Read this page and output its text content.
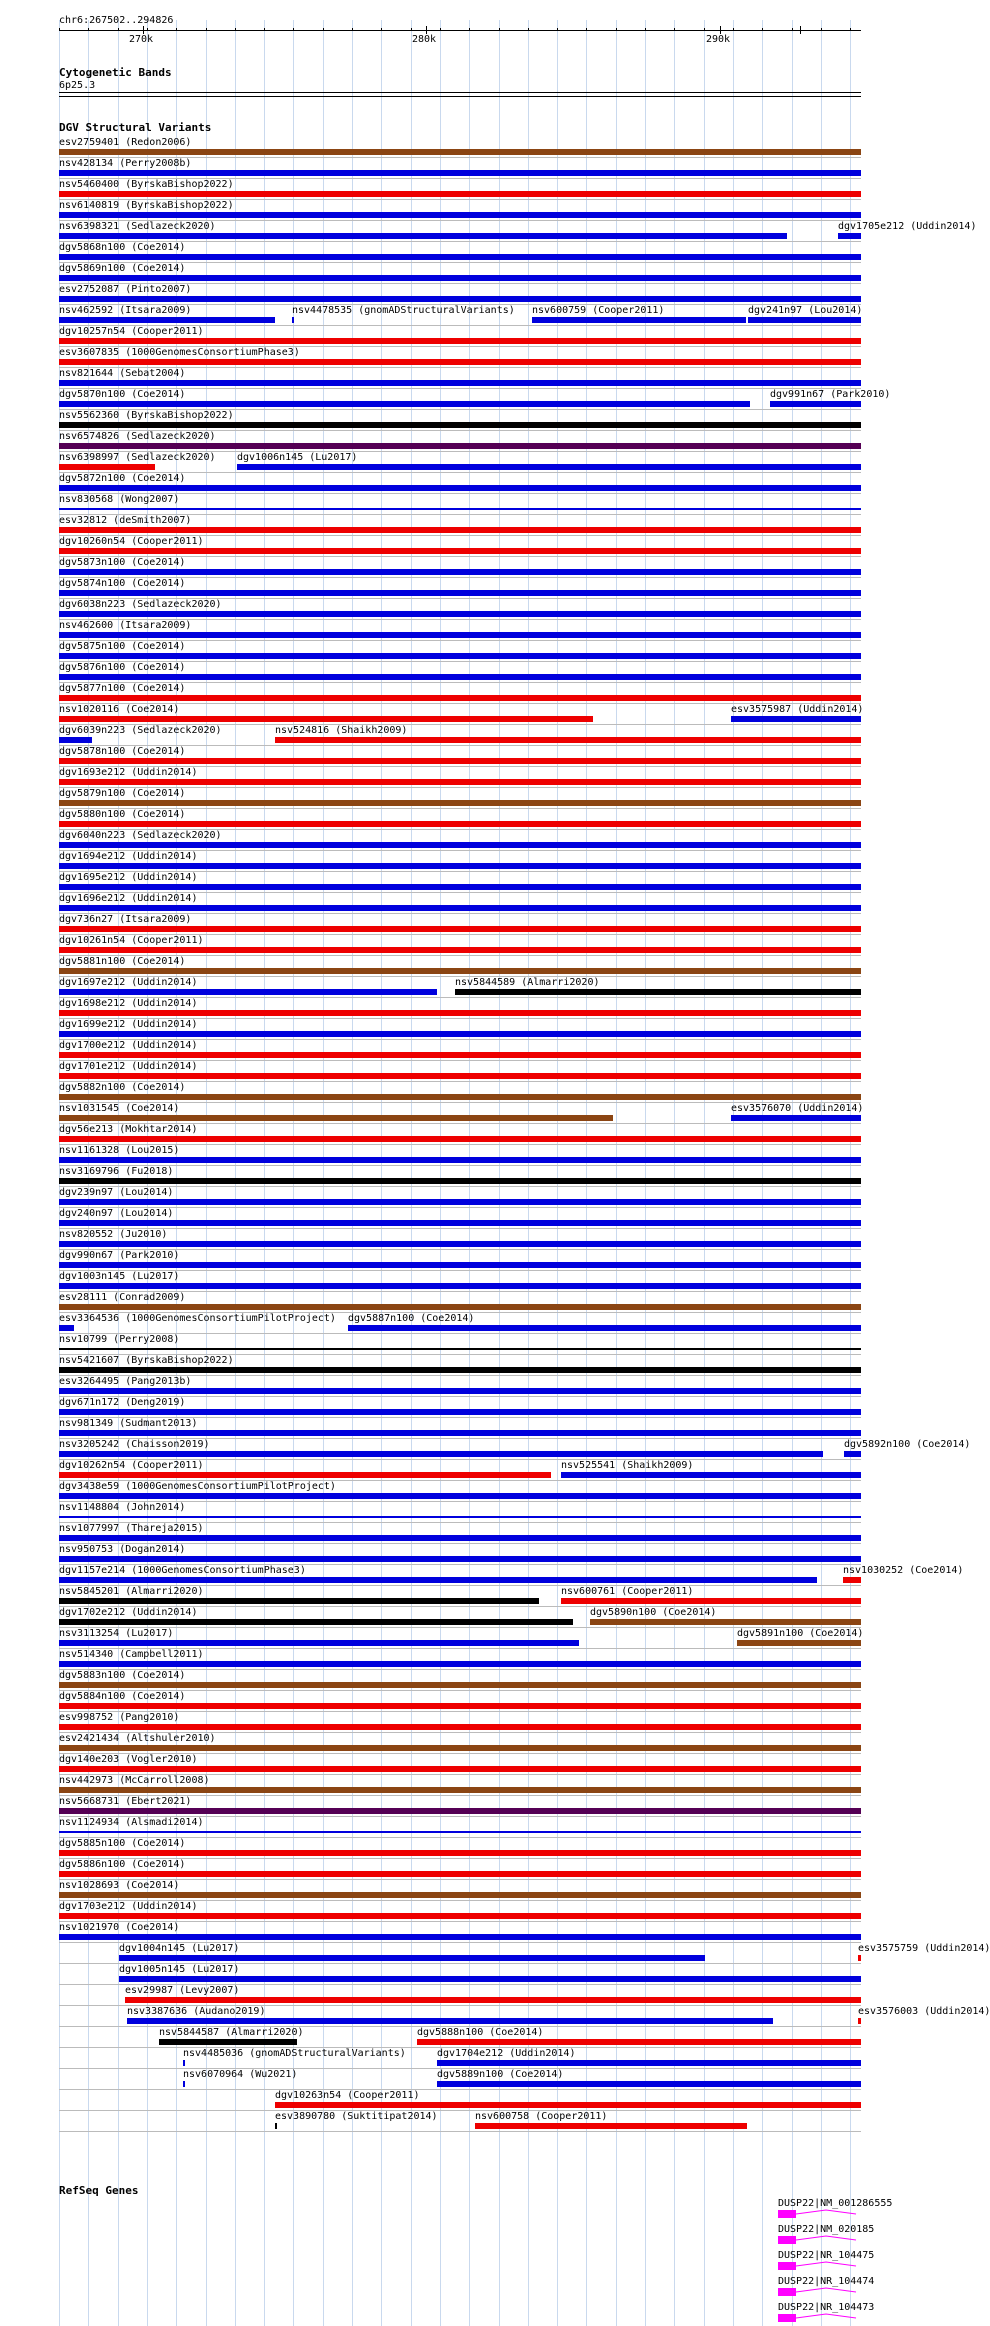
chr6:267502..294826
270k	280k	290k
Cytogenetic Bands
6p25.3
DGV Structural Variants
esv2759401 (Redon2006)
nsv428134 (Perry2008b)
nsv5460400 (ByrskaBishop2022)
nsv6140819 (ByrskaBishop2022)
nsv6398321 (Sedlazeck2020)	dgv1705e212 (Uddin2014)
dgv5868n100 (Coe2014)
dgv5869n100 (Coe2014)
esv2752087 (Pinto2007)
nsv462592 (Itsara2009)	nsv4478535 (gnomADStructuralVariants) nsv600759 (Cooper2011)	dgv241n97 (Lou2014)
dgv10257n54 (Cooper2011)
esv3607835 (1000GenomesConsortiumPhase3)
nsv821644 (Sebat2004)
dgv5870n100 (Coe2014)	dgv991n67 (Park2010)
nsv5562360 (ByrskaBishop2022)
nsv6574826 (Sedlazeck2020)
nsv6398997 (Sedlazeck2020) dgv1006n145 (Lu2017)
dgv5872n100 (Coe2014)
nsv830568 (Wong2007)
esv32812 (deSmith2007)
dgv10260n54 (Cooper2011)
dgv5873n100 (Coe2014)
dgv5874n100 (Coe2014)
dgv6038n223 (Sedlazeck2020)
nsv462600 (Itsara2009)
dgv5875n100 (Coe2014)
dgv5876n100 (Coe2014)
dgv5877n100 (Coe2014)
nsv1020116 (Coe2014)	esv3575987 (Uddin2014)
dgv6039n223 (Sedlazeck2020)	nsv524816 (Shaikh2009)
dgv5878n100 (Coe2014)
dgv1693e212 (Uddin2014)
dgv5879n100 (Coe2014)
dgv5880n100 (Coe2014)
dgv6040n223 (Sedlazeck2020)
dgv1694e212 (Uddin2014)
dgv1695e212 (Uddin2014)
dgv1696e212 (Uddin2014)
dgv736n27 (Itsara2009)
dgv10261n54 (Cooper2011)
dgv5881n100 (Coe2014)
dgv1697e212 (Uddin2014)	nsv5844589 (Almarri2020)
dgv1698e212 (Uddin2014)
dgv1699e212 (Uddin2014)
dgv1700e212 (Uddin2014)
dgv1701e212 (Uddin2014)
dgv5882n100 (Coe2014)
nsv1031545 (Coe2014)	esv3576070 (Uddin2014)
dgv56e213 (Mokhtar2014)
nsv1161328 (Lou2015)
nsv3169796 (Fu2018)
dgv239n97 (Lou2014)
dgv240n97 (Lou2014)
nsv820552 (Ju2010)
dgv990n67 (Park2010)
dgv1003n145 (Lu2017)
esv28111 (Conrad2009)
esv3364536 (1000GenomesConsortiumPilotProject) dgv5887n100 (Coe2014)
nsv10799 (Perry2008)
nsv5421607 (ByrskaBishop2022)
esv3264495 (Pang2013b)
dgv671n172 (Deng2019)
nsv981349 (Sudmant2013)
nsv3205242 (Chaisson2019)	dgv5892n100 (Coe2014)
dgv10262n54 (Cooper2011)	nsv525541 (Shaikh2009)
dgv3438e59 (1000GenomesConsortiumPilotProject)
nsv1148804 (John2014)
nsv1077997 (Thareja2015)
nsv950753 (Dogan2014)
dgv1157e214 (1000GenomesConsortiumPhase3)	nsv1030252 (Coe2014)
nsv5845201 (Almarri2020)	nsv600761 (Cooper2011)
dgv1702e212 (Uddin2014)	dgv5890n100 (Coe2014)
nsv3113254 (Lu2017)	dgv5891n100 (Coe2014)
nsv514340 (Campbell2011)
dgv5883n100 (Coe2014)
dgv5884n100 (Coe2014)
esv998752 (Pang2010)
esv2421434 (Altshuler2010)
dgv140e203 (Vogler2010)
nsv442973 (McCarroll2008)
nsv5668731 (Ebert2021)
nsv1124934 (Alsmadi2014)
dgv5885n100 (Coe2014)
dgv5886n100 (Coe2014)
nsv1028693 (Coe2014)
dgv1703e212 (Uddin2014)
nsv1021970 (Coe2014)
dgv1004n145 (Lu2017)	esv3575759 (Uddin2014)
dgv1005n145 (Lu2017)
esv29987 (Levy2007)
nsv3387636 (Audano2019)	esv3576003 (Uddin2014)
nsv5844587 (Almarri2020)	dgv5888n100 (Coe2014)
nsv4485036 (gnomADStructuralVariants)	dgv1704e212 (Uddin2014)
nsv6070964 (Wu2021)	dgv5889n100 (Coe2014)
dgv10263n54 (Cooper2011)
esv3890780 (Suktitipat2014)	nsv600758 (Cooper2011)
RefSeq Genes
DUSP22|NM_001286555
DUSP22|NM_020185
DUSP22|NR_104475
DUSP22|NR_104474
DUSP22|NR_104473
